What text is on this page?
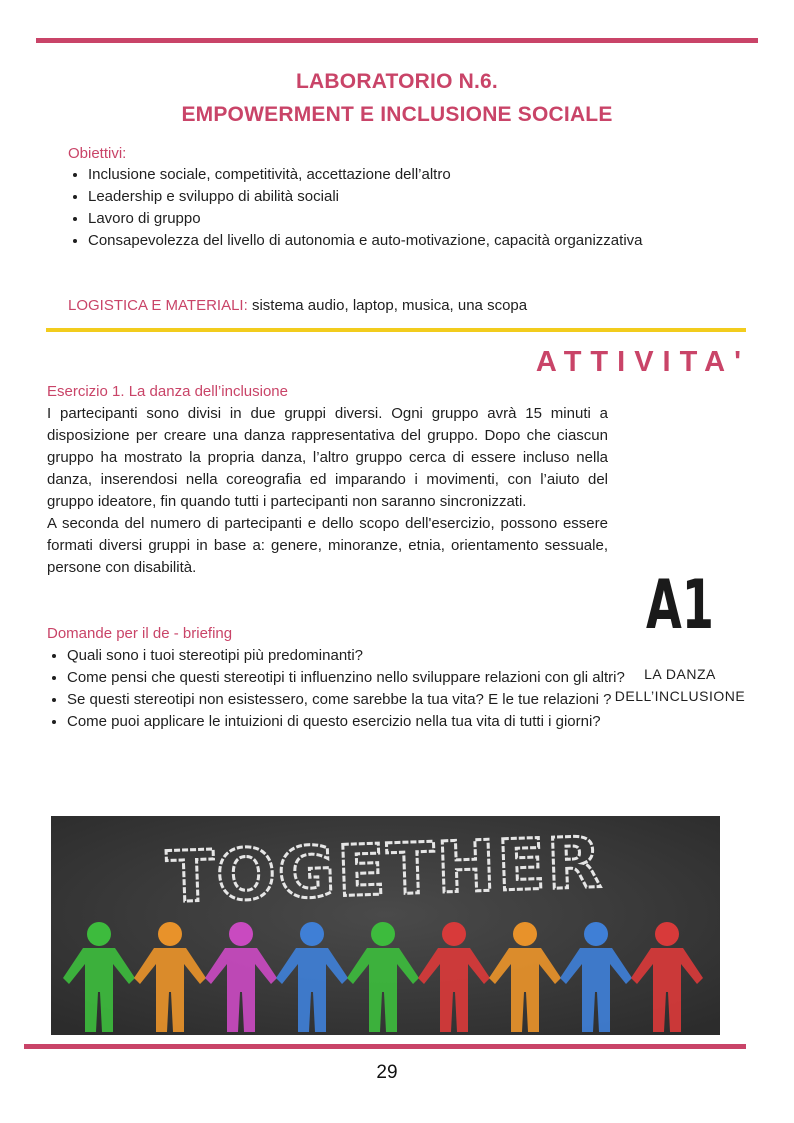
LABORATORIO N.6.
EMPOWERMENT E INCLUSIONE SOCIALE
Obiettivi:
• Inclusione sociale, competitività, accettazione dell’altro
• Leadership e sviluppo di abilità sociali
• Lavoro di gruppo
• Consapevolezza del livello di autonomia e auto-motivazione, capacità organizzativa
LOGISTICA E MATERIALI: sistema audio, laptop, musica, una scopa
ATTIVITA'
Esercizio 1. La danza dell’inclusione

I partecipanti sono divisi in due gruppi diversi. Ogni gruppo avrà 15 minuti a disposizione per creare una danza rappresentativa del gruppo. Dopo che ciascun gruppo ha mostrato la propria danza, l’altro gruppo cerca di essere incluso nella danza, inserendosi nella coreografia ed imparando i movimenti, con l’aiuto del gruppo ideatore, fin quando tutti i partecipanti non saranno sincronizzati.

A seconda del numero di partecipanti e dello scopo dell'esercizio, possono essere formati diversi gruppi in base a: genere, minoranze, etnia, orientamento sessuale, persone con disabilità.

Domande per il de - briefing
• Quali sono i tuoi stereotipi più predominanti?
• Come pensi che questi stereotipi ti influenzino nello sviluppare relazioni con gli altri?
• Se questi stereotipi non esistessero, come sarebbe la tua vita? E le tue relazioni ?
• Come puoi applicare le intuizioni di questo esercizio nella tua vita di tutti i giorni?
A1
LA DANZA
DELL’INCLUSIONE
TOGETHER
29
